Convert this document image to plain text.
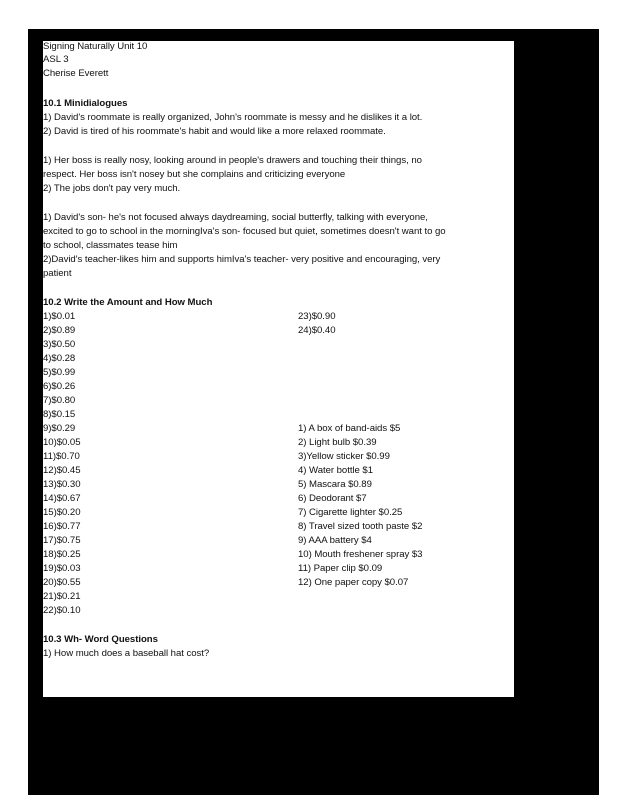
Signing Naturally Unit 10
ASL 3
Cherise Everett
10.1 Minidialogues
1) David's roommate is really organized, John's roommate is messy and he dislikes it a lot.
2) David is tired of his roommate's habit and would like a more relaxed roommate.
1) Her boss is really nosy, looking around in people's drawers and touching their things, no
respect. Her boss isn't nosey but she complains and criticizing everyone
2) The jobs don't pay very much.
1) David's son- he's not focused always daydreaming, social butterfly, talking with everyone,
excited to go to school in the morningIva's son- focused but quiet, sometimes doesn't want to go
to school, classmates tease him
2)David's teacher-likes him and supports himIva's teacher- very positive and encouraging, very
patient
10.2 Write the Amount and How Much
1)$0.01
2)$0.89
3)$0.50
4)$0.28
5)$0.99
6)$0.26
7)$0.80
8)$0.15
9)$0.29
10)$0.05
11)$0.70
12)$0.45
13)$0.30
14)$0.67
15)$0.20
16)$0.77
17)$0.75
18)$0.25
19)$0.03
20)$0.55
21)$0.21
22)$0.10
23)$0.90
24)$0.40
1) A box of band-aids $5
2) Light bulb $0.39
3)Yellow sticker $0.99
4) Water bottle $1
5) Mascara $0.89
6) Deodorant $7
7) Cigarette lighter $0.25
8) Travel sized tooth paste $2
9) AAA battery $4
10) Mouth freshener spray $3
11) Paper clip $0.09
12) One paper copy $0.07
10.3 Wh- Word Questions
1) How much does a baseball hat cost?
